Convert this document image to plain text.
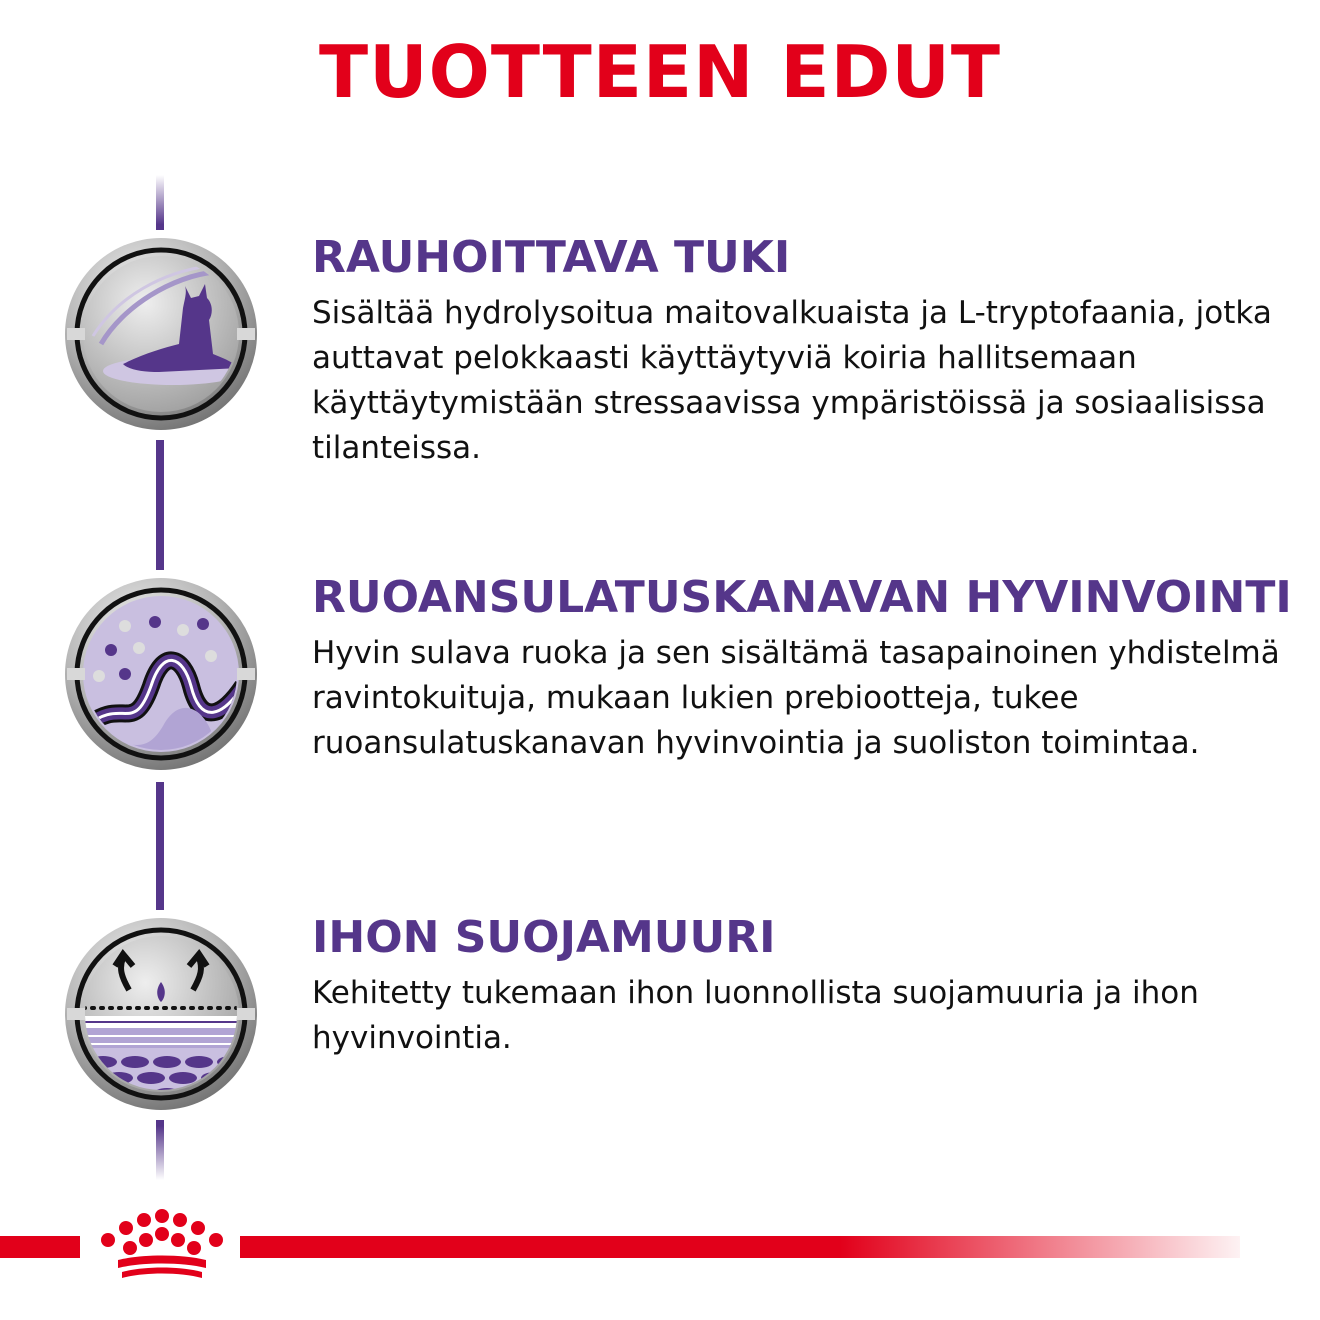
TUOTTEEN EDUT
RAUHOITTAVA TUKI

Sisältää hydrolysoitua maitovalkuaista ja L-tryptofaania, jotka auttavat pelokkaasti käyttäytyviä koiria hallitsemaan käyttäytymistään stressaavissa ympäristöissä ja sosiaalisissa tilanteissa.

RUOANSULATUSKANAVAN HYVINVOINTI

Hyvin sulava ruoka ja sen sisältämä tasapainoinen yhdistelmä ravintokuituja, mukaan lukien prebiootteja, tukee ruoansulatuskanavan hyvinvointia ja suoliston toimintaa.

IHON SUOJAMUURI

Kehitetty tukemaan ihon luonnollista suojamuuria ja ihon hyvinvointia.
